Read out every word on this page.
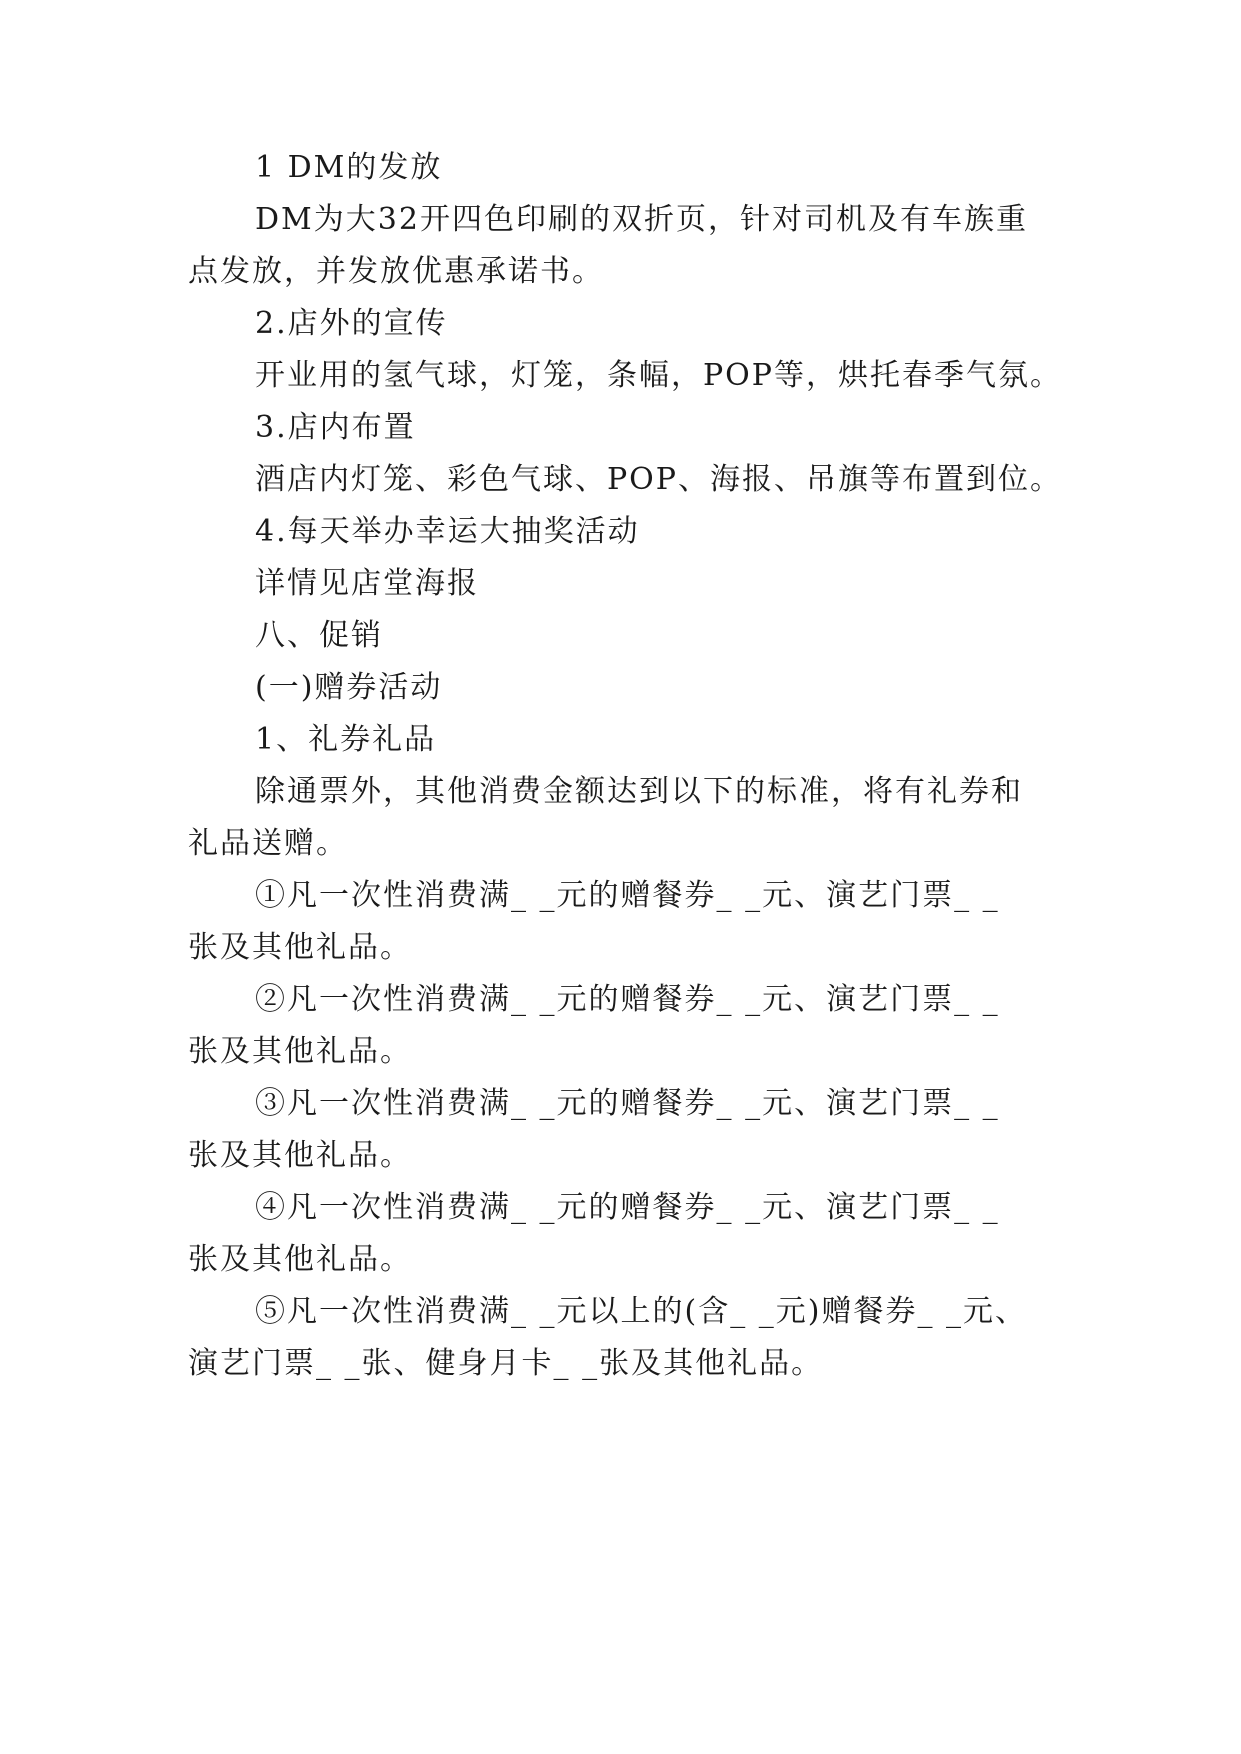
1 DM的发放
DM为大32开四色印刷的双折页，针对司机及有车族重
点发放，并发放优惠承诺书。
2.店外的宣传
开业用的氢气球，灯笼，条幅，POP等，烘托春季气氛。
3.店内布置
酒店内灯笼、彩色气球、POP、海报、吊旗等布置到位。
4.每天举办幸运大抽奖活动
详情见店堂海报
八、促销
(一)赠券活动
1、礼券礼品
除通票外，其他消费金额达到以下的标准，将有礼券和
礼品送赠。
①凡一次性消费满_ _元的赠餐券_ _元、演艺门票_ _
张及其他礼品。
②凡一次性消费满_ _元的赠餐券_ _元、演艺门票_ _
张及其他礼品。
③凡一次性消费满_ _元的赠餐券_ _元、演艺门票_ _
张及其他礼品。
④凡一次性消费满_ _元的赠餐券_ _元、演艺门票_ _
张及其他礼品。
⑤凡一次性消费满_ _元以上的(含_ _元)赠餐券_ _元、
演艺门票_ _张、健身月卡_ _张及其他礼品。
